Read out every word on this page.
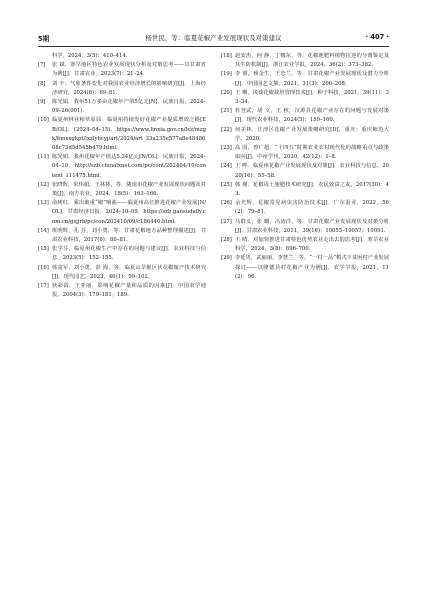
5期	杨世民，等：临夏花椒产业发展现状及对策建议	· 407 ·
科学，2024，3(5)：410–414.
[7] 张 斌．寒旱地区特色农业发展现状分析及对策思考——以甘肃省为例[J]．甘肃农业，2023(7)：21–24.
[8] 刘 丰．气象条件变化对我国农业经济增长的影响研究[J]．上海经济研究，2024(8)：69–81.
[9] 陈光娟．我州51万多亩花椒年产值5亿元[N]．民族日报，2024–09–26(001).
[10] 临夏州林业和草原局．临夏州持续发好花椒产业提质增效之路[EB/OL]．(2024–04–15)．https://www.linxia.gov.cn/lxz/mzgk/bmxxgkpt/lxzlyhcyj/art/2024/art_33a235e577a8e4848668c73d5d545b479.html.
[11] 陈光娟．我州花椒年产值达5.34亿元[N/OL]．民族日报，2024–04–10．http://szb.chinalxnet.com/pc/cont/202404/10/content_111475.html.
[12] 张晓晖，朱伟娟，王林林，等．陇南市花椒产业发展现状问题及对策[J]．南方农业，2024，18(5)：163–166.
[13] 俞树红．乘出被重“椒”响曲——临夏州高位推进花椒产业发展[N/OL]．甘肃经济日报，2024–10–09．https://szb.gansudaily.com.cn/gsjjrb/pc/con/202410/09/c186446.html.
[14] 班明辉，孔 芬，刘小勇，等．甘肃花椒地方品种整理描述[J]．甘肃农业科技，2017(6)：80–81.
[15] 张学芬，临夏州花椒生产中存在的问题与建议[J]．农业科技与信息，2023(5)：152–155.
[16] 韩富军，刘小勇，彭 海，等．临夏山旱猴区伏花椒嫁产技术研究[J]．现代园艺，2023，46(1)：99–102.
[17] 狄彩霞，王亚丽．影响花椒产量和品质的因素[J]．中国农学通报，2004(3)：179–181；189.
[18] 赵安杰，何 静，丁娜东，等．花椒池肥料植物抗逆的分离鉴定及其生防机制[J]．浙江农业学报，2024，36(2)：373–382.
[19] 李 睿，杨金生，王忠兰，等．甘肃花椒产业发展现状及潜力分析[J]．中国园艺文摘，2021，31(3)：206–208.
[20] 王 琳，浅谈花椒栽培管理技术[J]．种子科技，2021，39(11)：33–34.
[21] 杜登武，胡 文，王 秋，汉源县花椒产业存在的问题与发展对策[J]．现代农业科技，2024(5)：159–160.
[22] 何美林．江津区花椒产业发展策略研究[D]．重庆：重庆师范大学，2020.
[23] 高 国，曾广超．“十四五”时期农业农村现代化的战略重点与政策取向[J]．中州学刊，2020，42(12)：1–8.
[24] 王 晔．临夏州花椒产业发展现状及对策[J]．农业科技与信息，2020(16)：55–58.
[25] 韩 瑾．花椒周土施肥技术研究[J]．农民致富之友，2017(30)：43.
[26] 余光辉．花椒常见病虫害防治技术[J]．广东蚕业，2022，56(2)：79–81.
[27] 马群义，张 璐，冯涛洋，等．甘肃花椒产业发展现状及对策分析[J]．甘肃农业科技，2011，39(16)：10055–10057；10091.
[28] 王 晴．对加快推进甘肃特色优势农业走出去的思考[J]．寒旱农业科学，2024，3(8)：696–700.
[29] 李延男，武丽丽，李慧兰，等．“一村一品”模式下贫困村产业发展探讨——以隆德县村花椒产业为例[J]．农学学报，2021，11(2)：96.
